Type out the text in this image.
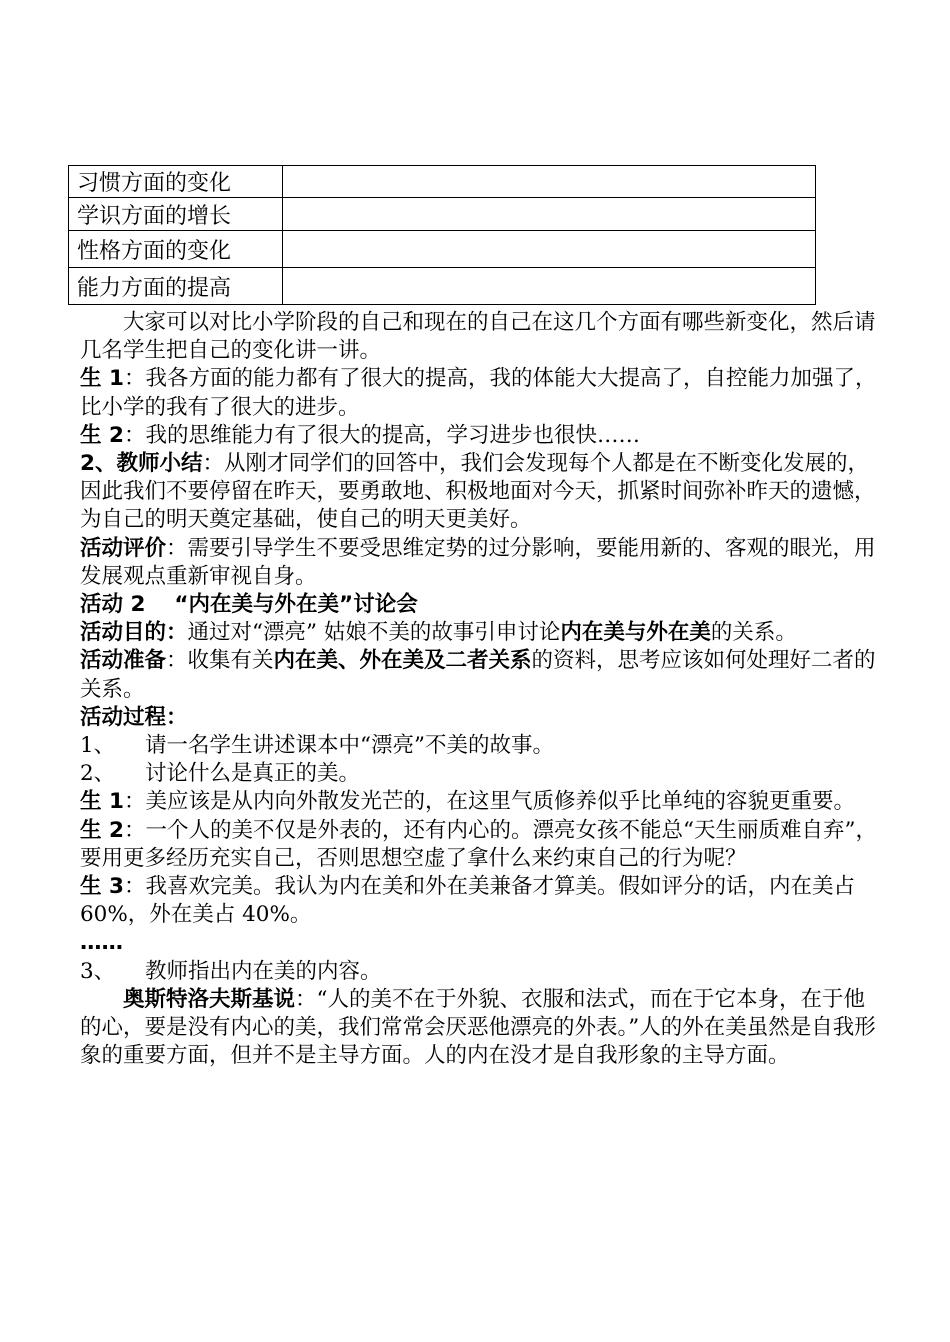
习惯方面的变化	
学识方面的增长	
性格方面的变化	
能力方面的提高	

大家可以对比小学阶段的自己和现在的自己在这几个方面有哪些新变化，然后请几名学生把自己的变化讲一讲。

生 1：我各方面的能力都有了很大的提高，我的体能大大提高了，自控能力加强了，比小学的我有了很大的进步。

生 2：我的思维能力有了很大的提高，学习进步也很快……

2、教师小结：从刚才同学们的回答中，我们会发现每个人都是在不断变化发展的，因此我们不要停留在昨天，要勇敢地、积极地面对今天，抓紧时间弥补昨天的遗憾，为自己的明天奠定基础，使自己的明天更美好。

活动评价：需要引导学生不要受思维定势的过分影响，要能用新的、客观的眼光，用发展观点重新审视自身。

活动 2　 “内在美与外在美”讨论会

活动目的：通过对“漂亮” 姑娘不美的故事引申讨论内在美与外在美的关系。

活动准备：收集有关内在美、外在美及二者关系的资料，思考应该如何处理好二者的关系。

活动过程：

1、 请一名学生讲述课本中“漂亮”不美的故事。

2、 讨论什么是真正的美。

生 1：美应该是从内向外散发光芒的，在这里气质修养似乎比单纯的容貌更重要。

生 2：一个人的美不仅是外表的，还有内心的。漂亮女孩不能总“天生丽质难自弃”，要用更多经历充实自己，否则思想空虚了拿什么来约束自己的行为呢？

生 3：我喜欢完美。我认为内在美和外在美兼备才算美。假如评分的话，内在美占 60%，外在美占 40%。

……

3、 教师指出内在美的内容。

奥斯特洛夫斯基说：“人的美不在于外貌、衣服和法式，而在于它本身，在于他的心，要是没有内心的美，我们常常会厌恶他漂亮的外表。”人的外在美虽然是自我形象的重要方面，但并不是主导方面。人的内在没才是自我形象的主导方面。
